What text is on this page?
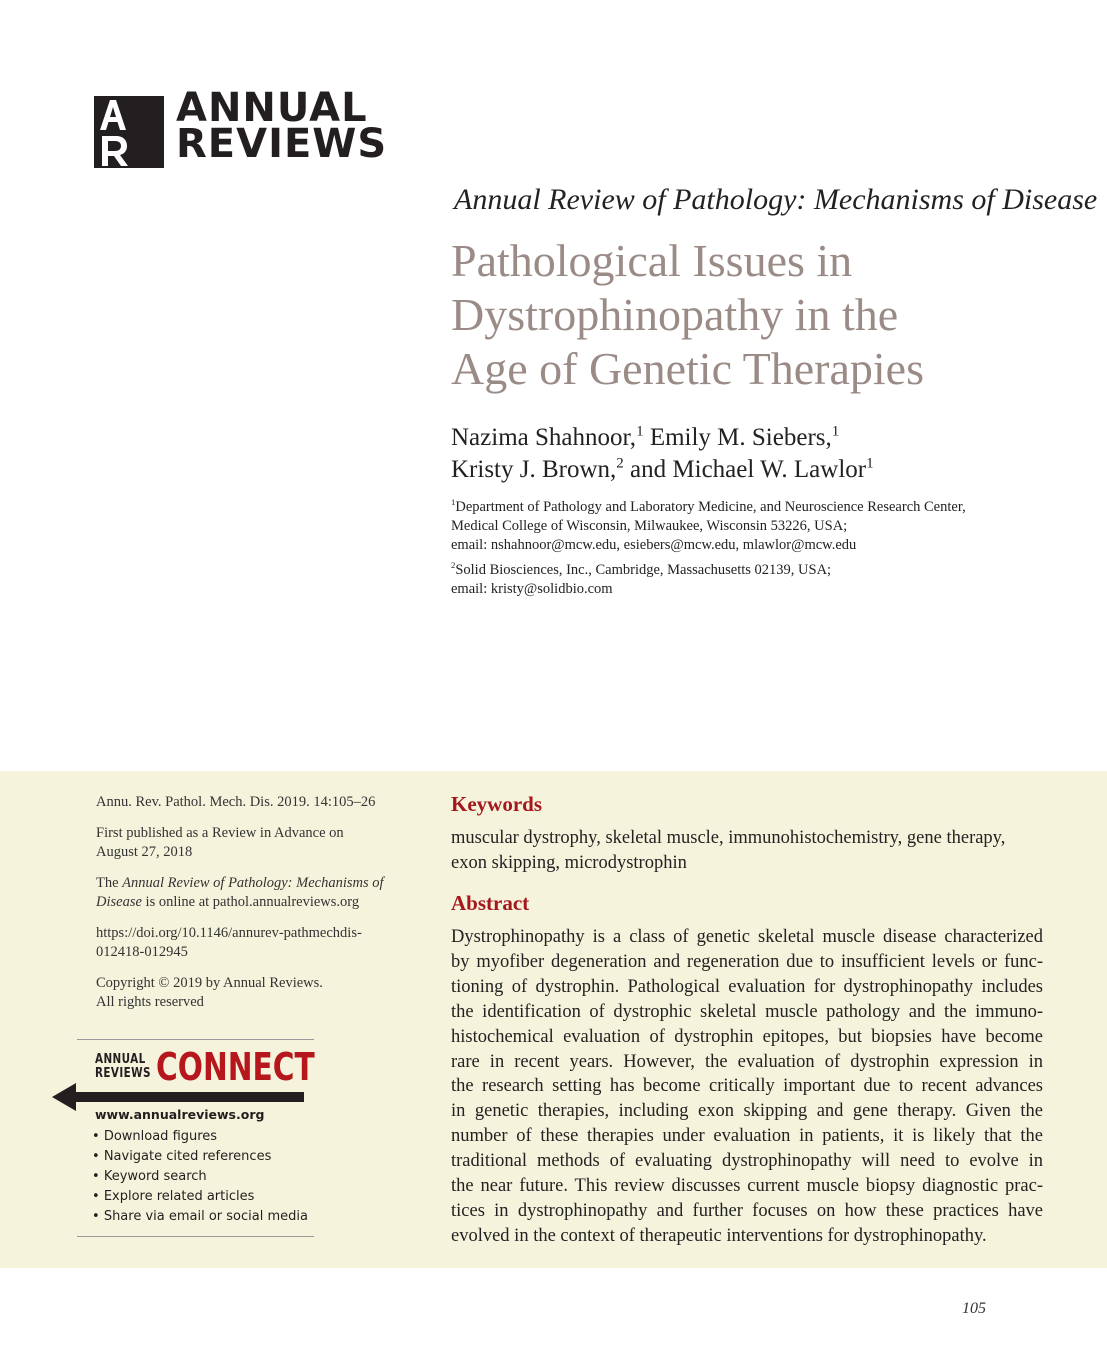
ANNUAL
REVIEWS
Annual Review of Pathology: Mechanisms of Disease
Pathological Issues in
Dystrophinopathy in the
Age of Genetic Therapies
Nazima Shahnoor,$^1$ Emily M. Siebers,$^1$
Kristy J. Brown,$^2$ and Michael W. Lawlor$^1$
$^1$Department of Pathology and Laboratory Medicine, and Neuroscience Research Center,
Medical College of Wisconsin, Milwaukee, Wisconsin 53226, USA;
email: nshahnoor@mcw.edu, esiebers@mcw.edu, mlawlor@mcw.edu
$^2$Solid Biosciences, Inc., Cambridge, Massachusetts 02139, USA;
email: kristy@solidbio.com

Annu. Rev. Pathol. Mech. Dis. 2019. 14:105–26

First published as a Review in Advance on
August 27, 2018

The Annual Review of Pathology: Mechanisms of
Disease is online at pathol.annualreviews.org

https://doi.org/10.1146/annurev-pathmechdis-
012418-012945

Copyright © 2019 by Annual Reviews.
All rights reserved

ANNUAL
REVIEWS CONNECT
www.annualreviews.org
• Download figures
• Navigate cited references
• Keyword search
• Explore related articles
• Share via email or social media
Keywords
muscular dystrophy, skeletal muscle, immunohistochemistry, gene therapy,
exon skipping, microdystrophin
Abstract
Dystrophinopathy is a class of genetic skeletal muscle disease characterized
by myofiber degeneration and regeneration due to insufficient levels or func-
tioning of dystrophin. Pathological evaluation for dystrophinopathy includes
the identification of dystrophic skeletal muscle pathology and the immuno-
histochemical evaluation of dystrophin epitopes, but biopsies have become
rare in recent years. However, the evaluation of dystrophin expression in
the research setting has become critically important due to recent advances
in genetic therapies, including exon skipping and gene therapy. Given the
number of these therapies under evaluation in patients, it is likely that the
traditional methods of evaluating dystrophinopathy will need to evolve in
the near future. This review discusses current muscle biopsy diagnostic prac-
tices in dystrophinopathy and further focuses on how these practices have
evolved in the context of therapeutic interventions for dystrophinopathy.
105
